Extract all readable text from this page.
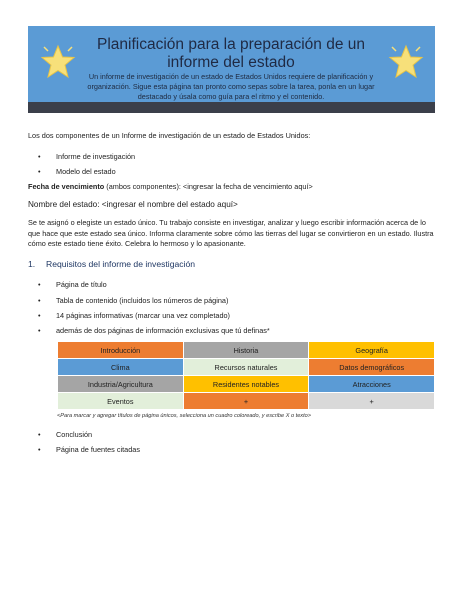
Planificación para la preparación de un
informe del estado

Un informe de investigación de un estado de Estados Unidos requiere de planificación y organización. Sigue esta página tan pronto como sepas sobre la tarea, ponla en un lugar destacado y úsala como guía para el ritmo y el contenido.

Los dos componentes de un Informe de investigación de un estado de Estados Unidos:
Informe de investigación
Modelo del estado
Fecha de vencimiento (ambos componentes): <ingresar la fecha de vencimiento aquí>
Nombre del estado: <ingresar el nombre del estado aquí>
Se te asignó o elegiste un estado único. Tu trabajo consiste en investigar, analizar y luego escribir información acerca de lo que hace que este estado sea único. Informa claramente sobre cómo las tierras del lugar se convirtieron en un estado. Ilustra cómo este estado tiene éxito. Celebra lo hermoso y lo apasionante.
1. Requisitos del informe de investigación
Página de título
Tabla de contenido (incluidos los números de página)
14 páginas informativas (marcar una vez completado)
además de dos páginas de información exclusivas que tú definas*
Introducción	Historia	Geografía
Clima	Recursos naturales	Datos demográficos
Industria/Agricultura	Residentes notables	Atracciones
Eventos	+	+
<Para marcar y agregar títulos de página únicos, selecciona un cuadro coloreado, y escribe X o texto>
Conclusión
Página de fuentes citadas
